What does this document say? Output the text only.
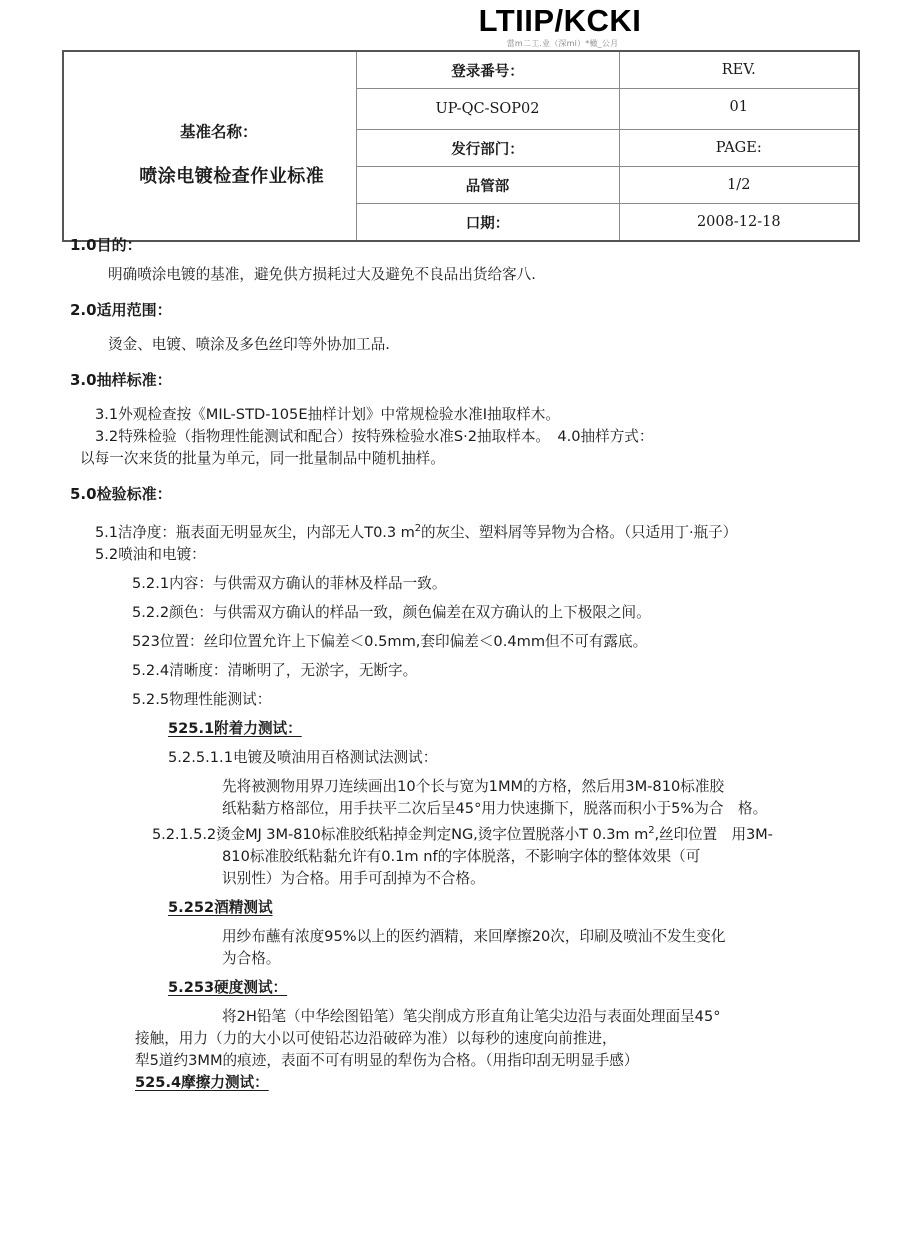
LTIIP/KCKI
當m二工.业（深mi）*橄_公月
基准名称：
喷涂电镀检查作业标准	登录番号：	REV.
	UP-QC-SOP02	01
	发行部门：	PAGE:
	品管部	1/2
	口期：	2008-12-18
1.0目的：
明确喷涂电镀的基准，避免供方损耗过大及避免不良品出货给客八.
2.0适用范围：
烫金、电镀、喷涂及多色丝印等外协加工品.
3.0抽样标准：
3.1外观检查按《MIL-STD-105E抽样计划》中常规检验水准I抽取样木。
3.2特殊检验（指物理性能测试和配合）按特殊检验水准S·2抽取样本。　4.0抽样方式：
以每一次来货的批量为单元，同一批量制品中随机抽样。
5.0检验标准：
5.1洁净度：瓶表面无明显灰尘，内部无人T0.3 $m^2$的灰尘、塑料屑等异物为合格。（只适用丁·瓶子）
5.2喷油和电镀：
5.2.1内容：与供需双方确认的菲林及样品一致。
5.2.2颜色：与供需双方确认的样品一致，颜色偏差在双方确认的上下极限之间。
523位置：丝印位置允许上下偏差＜0.5mm,套印偏差＜0.4mm但不可有露底。
5.2.4清晰度：清晰明了，无淤字，无断字。
5.2.5物理性能测试：
525.1附着力测试：
5.2.5.1.1电镀及喷油用百格测试法测试：
先将被测物用界刀连续画出10个长与宽为1MM的方格，然后用3M-810标准胶
纸粘黏方格部位，用手扶平二次后呈45°用力快速撕下，脱落而积小于5%为合　格。
5.2.1.5.2烫金MJ 3M-810标准胶纸粘掉金判定NG,烫字位置脱落小T 0.3m $m^2$,丝印位置　用3M-
810标准胶纸粘黏允许有0.1m nf的字体脱落，不影响字体的整体效果（可
识别性）为合格。用手可刮掉为不合格。
5.252酒精测试
用纱布蘸有浓度95%以上的医约酒精，来回摩擦20次，印刷及喷汕不发生变化
为合格。
5.253硬度测试：
将2H铅笔（中华绘图铅笔）笔尖削成方形直角让笔尖边沿与表面处理面呈45°
接触，用力（力的大小以可使铅芯边沿破碎为准）以每秒的速度向前推进，
犁5道约3MM的痕迹，表面不可有明显的犁伤为合格。（用指印刮无明显手感）
525.4摩擦力测试：
